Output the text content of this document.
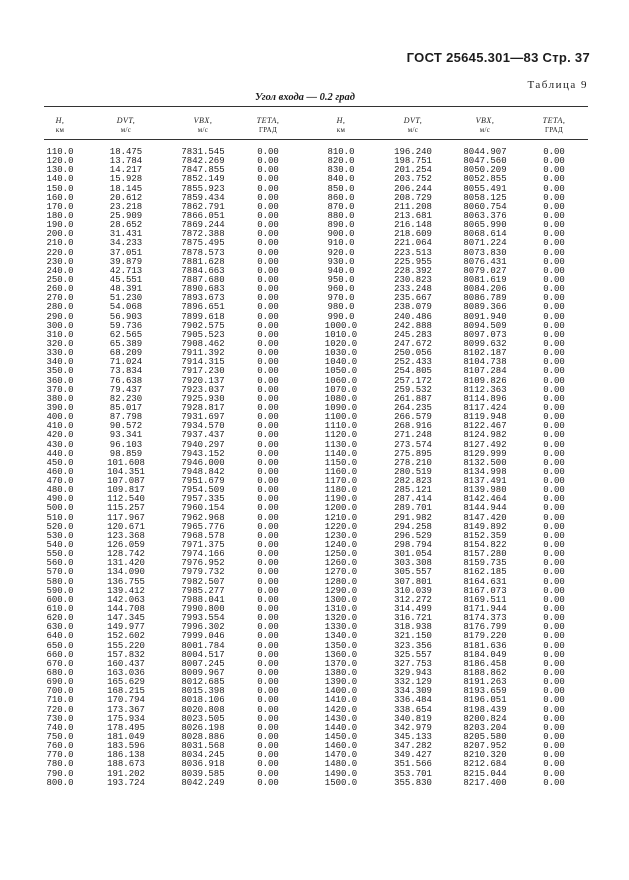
ГОСТ 25645.301—83 Стр. 37
Таблица 9
Угол входа — 0.2 град
H,
км
110.0
120.0
130.0
140.0
150.0
160.0
170.0
180.0
190.0
200.0
210.0
220.0
230.0
240.0
250.0
260.0
270.0
280.0
290.0
300.0
310.0
320.0
330.0
340.0
350.0
360.0
370.0
380.0
390.0
400.0
410.0
420.0
430.0
440.0
450.0
460.0
470.0
480.0
490.0
500.0
510.0
520.0
530.0
540.0
550.0
560.0
570.0
580.0
590.0
600.0
610.0
620.0
630.0
640.0
650.0
660.0
670.0
680.0
690.0
700.0
710.0
720.0
730.0
740.0
750.0
760.0
770.0
780.0
790.0
800.0
DVT,
м/с
18.475
13.784
14.217
15.928
18.145
20.612
23.218
25.909
28.652
31.431
34.233
37.051
39.879
42.713
45.551
48.391
51.230
54.068
56.903
59.736
62.565
65.389
68.209
71.024
73.834
76.638
79.437
82.230
85.017
87.798
90.572
93.341
96.103
98.859
101.608
104.351
107.087
109.817
112.540
115.257
117.967
120.671
123.368
126.059
128.742
131.420
134.090
136.755
139.412
142.063
144.708
147.345
149.977
152.602
155.220
157.832
160.437
163.036
165.629
168.215
170.794
173.367
175.934
178.495
181.049
183.596
186.138
188.673
191.202
193.724
VBX,
м/с
7831.545
7842.269
7847.855
7852.149
7855.923
7859.434
7862.791
7866.051
7869.244
7872.388
7875.495
7878.573
7881.628
7884.663
7887.680
7890.683
7893.673
7896.651
7899.618
7902.575
7905.523
7908.462
7911.392
7914.315
7917.230
7920.137
7923.037
7925.930
7928.817
7931.697
7934.570
7937.437
7940.297
7943.152
7946.000
7948.842
7951.679
7954.509
7957.335
7960.154
7962.968
7965.776
7968.578
7971.375
7974.166
7976.952
7979.732
7982.507
7985.277
7988.041
7990.800
7993.554
7996.302
7999.046
8001.784
8004.517
8007.245
8009.967
8012.685
8015.398
8018.106
8020.808
8023.505
8026.198
8028.886
8031.568
8034.245
8036.918
8039.585
8042.249
ТЕТА,
ГРАД
0.00
0.00
0.00
0.00
0.00
0.00
0.00
0.00
0.00
0.00
0.00
0.00
0.00
0.00
0.00
0.00
0.00
0.00
0.00
0.00
0.00
0.00
0.00
0.00
0.00
0.00
0.00
0.00
0.00
0.00
0.00
0.00
0.00
0.00
0.00
0.00
0.00
0.00
0.00
0.00
0.00
0.00
0.00
0.00
0.00
0.00
0.00
0.00
0.00
0.00
0.00
0.00
0.00
0.00
0.00
0.00
0.00
0.00
0.00
0.00
0.00
0.00
0.00
0.00
0.00
0.00
0.00
0.00
0.00
0.00
H,
км
810.0
820.0
830.0
840.0
850.0
860.0
870.0
880.0
890.0
900.0
910.0
920.0
930.0
940.0
950.0
960.0
970.0
980.0
990.0
1000.0
1010.0
1020.0
1030.0
1040.0
1050.0
1060.0
1070.0
1080.0
1090.0
1100.0
1110.0
1120.0
1130.0
1140.0
1150.0
1160.0
1170.0
1180.0
1190.0
1200.0
1210.0
1220.0
1230.0
1240.0
1250.0
1260.0
1270.0
1280.0
1290.0
1300.0
1310.0
1320.0
1330.0
1340.0
1350.0
1360.0
1370.0
1380.0
1390.0
1400.0
1410.0
1420.0
1430.0
1440.0
1450.0
1460.0
1470.0
1480.0
1490.0
1500.0
DVT,
м/с
196.240
198.751
201.254
203.752
206.244
208.729
211.208
213.681
216.148
218.609
221.064
223.513
225.955
228.392
230.823
233.248
235.667
238.079
240.486
242.888
245.283
247.672
250.056
252.433
254.805
257.172
259.532
261.887
264.235
266.579
268.916
271.248
273.574
275.895
278.210
280.519
282.823
285.121
287.414
289.701
291.982
294.258
296.529
298.794
301.054
303.308
305.557
307.801
310.039
312.272
314.499
316.721
318.938
321.150
323.356
325.557
327.753
329.943
332.129
334.309
336.484
338.654
340.819
342.979
345.133
347.282
349.427
351.566
353.701
355.830
VBX,
м/с
8044.907
8047.560
8050.209
8052.855
8055.491
8058.125
8060.754
8063.376
8065.990
8068.614
8071.224
8073.830
8076.431
8079.027
8081.619
8084.206
8086.789
8089.366
8091.940
8094.509
8097.073
8099.632
8102.187
8104.738
8107.284
8109.826
8112.363
8114.896
8117.424
8119.948
8122.467
8124.982
8127.492
8129.999
8132.500
8134.998
8137.491
8139.980
8142.464
8144.944
8147.420
8149.892
8152.359
8154.822
8157.280
8159.735
8162.185
8164.631
8167.073
8169.511
8171.944
8174.373
8176.799
8179.220
8181.636
8184.049
8186.458
8188.862
8191.263
8193.659
8196.051
8198.439
8200.824
8203.204
8205.580
8207.952
8210.320
8212.684
8215.044
8217.400
ТЕТА,
ГРАД
0.00
0.00
0.00
0.00
0.00
0.00
0.00
0.00
0.00
0.00
0.00
0.00
0.00
0.00
0.00
0.00
0.00
0.00
0.00
0.00
0.00
0.00
0.00
0.00
0.00
0.00
0.00
0.00
0.00
0.00
0.00
0.00
0.00
0.00
0.00
0.00
0.00
0.00
0.00
0.00
0.00
0.00
0.00
0.00
0.00
0.00
0.00
0.00
0.00
0.00
0.00
0.00
0.00
0.00
0.00
0.00
0.00
0.00
0.00
0.00
0.00
0.00
0.00
0.00
0.00
0.00
0.00
0.00
0.00
0.00
